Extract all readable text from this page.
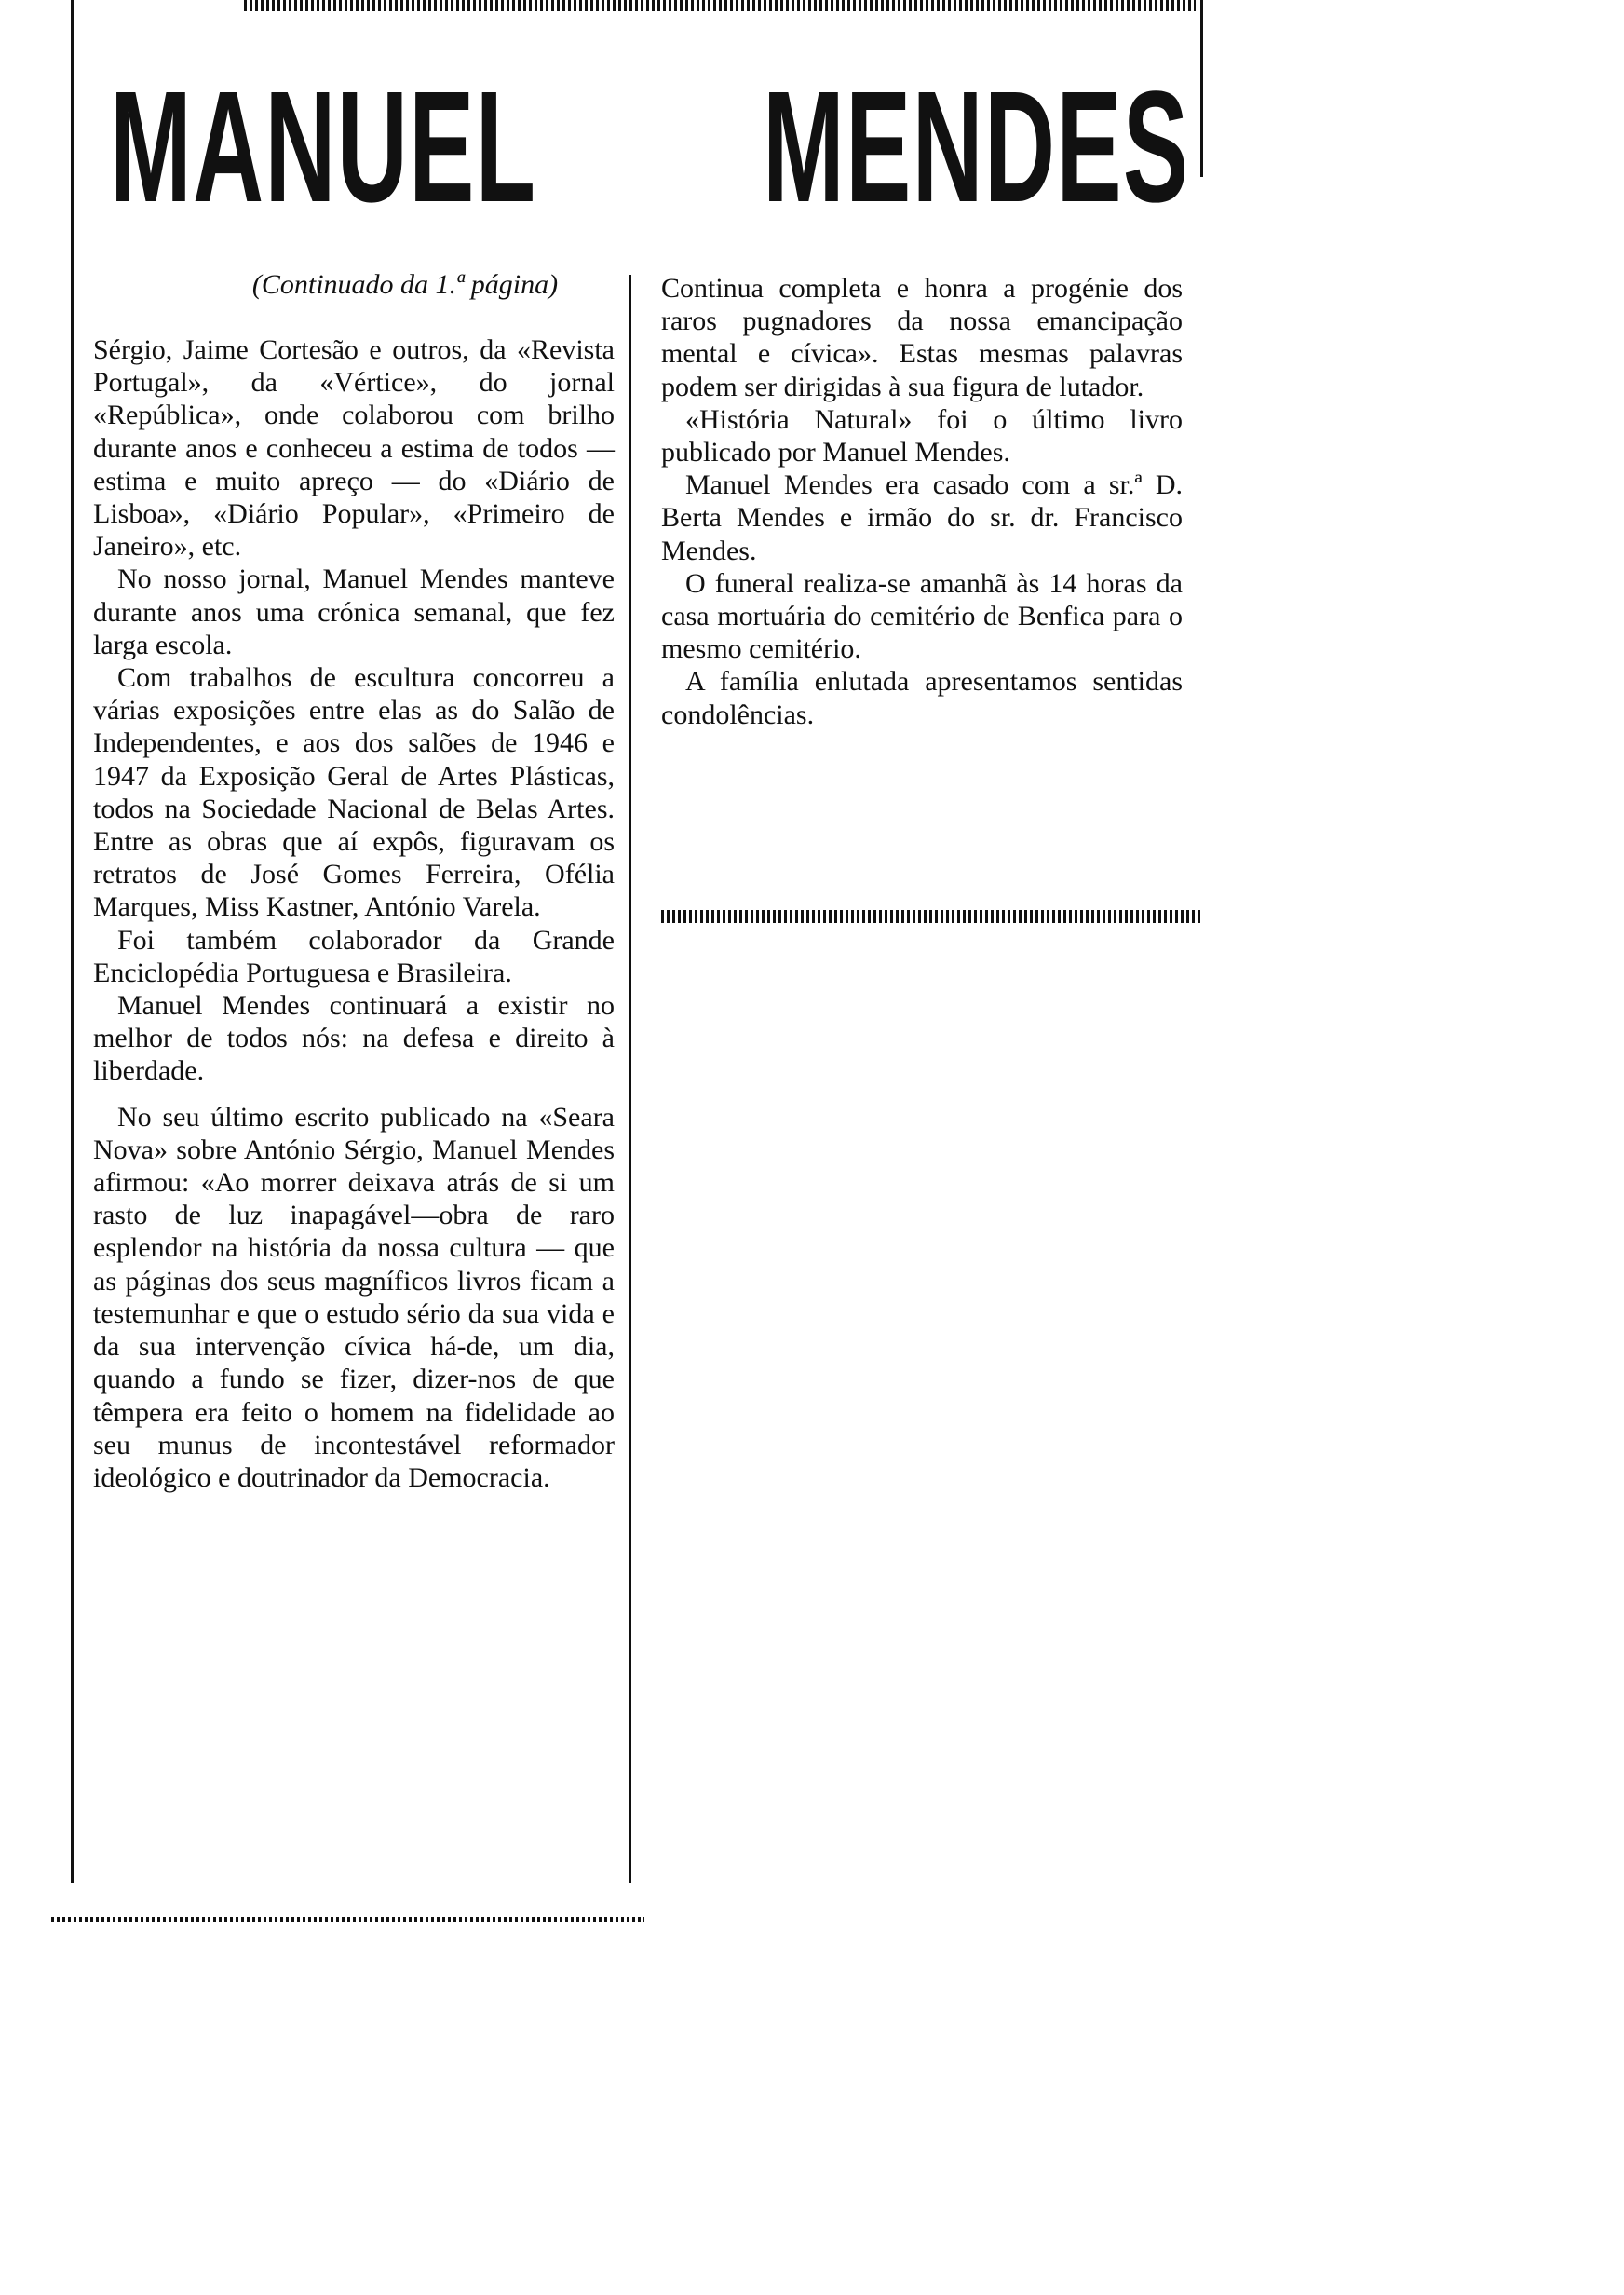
MANUEL MENDES
(Continuado da 1.ª página)

Sérgio, Jaime Cortesão e outros, da «Revista Portugal», da «Vértice», do jornal «República», onde colaborou com brilho durante anos e conheceu a estima de todos — estima e muito apreço — do «Diário de Lisboa», «Diário Popular», «Primeiro de Janeiro», etc.

No nosso jornal, Manuel Mendes manteve durante anos uma crónica semanal, que fez larga escola.

Com trabalhos de escultura concorreu a várias exposições entre elas as do Salão de Independentes, e aos dos salões de 1946 e 1947 da Exposição Geral de Artes Plásticas, todos na Sociedade Nacional de Belas Artes. Entre as obras que aí expôs, figuravam os retratos de José Gomes Ferreira, Ofélia Marques, Miss Kastner, António Varela.

Foi também colaborador da Grande Enciclopédia Portuguesa e Brasileira.

Manuel Mendes continuará a existir no melhor de todos nós: na defesa e direito à liberdade.

No seu último escrito publicado na «Seara Nova» sobre António Sérgio, Manuel Mendes afirmou: «Ao morrer deixava atrás de si um rasto de luz inapagável—obra de raro esplendor na história da nossa cultura — que as páginas dos seus magníficos livros ficam a testemunhar e que o estudo sério da sua vida e da sua intervenção cívica há-de, um dia, quando a fundo se fizer, dizer-nos de que têmpera era feito o homem na fidelidade ao seu munus de incontestável reformador ideológico e doutrinador da Democracia.

Continua completa e honra a progénie dos raros pugnadores da nossa emancipação mental e cívica». Estas mesmas palavras podem ser dirigidas à sua figura de lutador.

«História Natural» foi o último livro publicado por Manuel Mendes.

Manuel Mendes era casado com a sr.ª D. Berta Mendes e irmão do sr. dr. Francisco Mendes.

O funeral realiza-se amanhã às 14 horas da casa mortuária do cemitério de Benfica para o mesmo cemitério.

A família enlutada apresentamos sentidas condolências.
